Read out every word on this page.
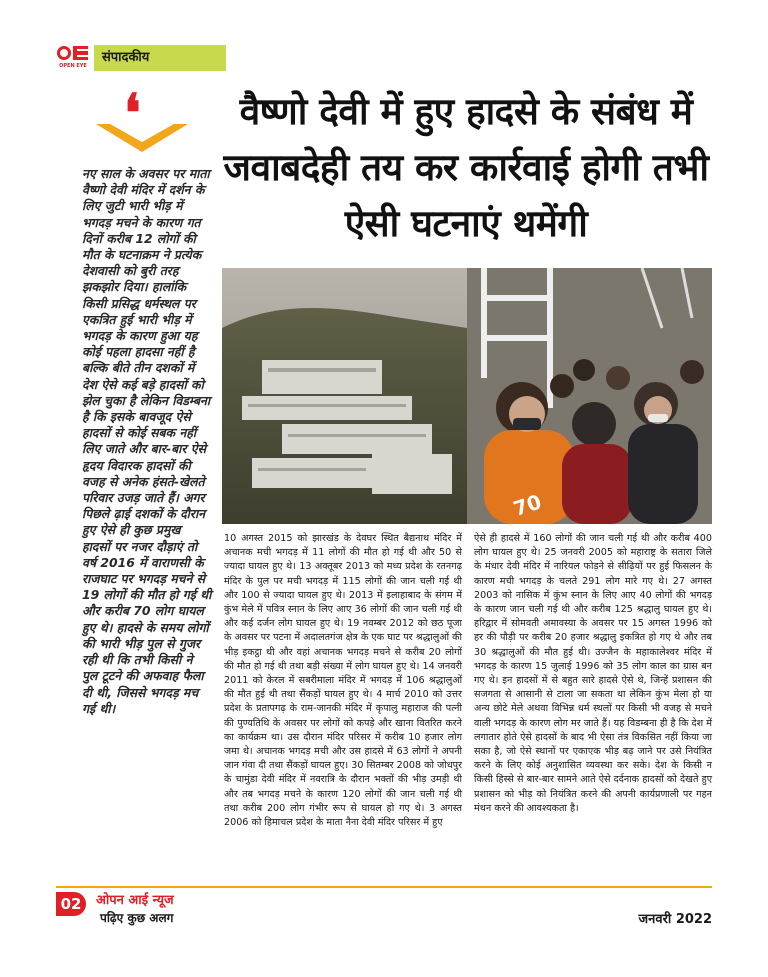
OPEN EYE
संपादकीय
❛
नए साल के अवसर पर माता वैष्णो देवी मंदिर में दर्शन के लिए जुटी भारी भीड़ में भगदड़ मचने के कारण गत दिनों करीब 12 लोगों की मौत के घटनाक्रम ने प्रत्येक देशवासी को बुरी तरह झकझोर दिया। हालांकि किसी प्रसिद्ध धर्मस्थल पर एकत्रित हुई भारी भीड़ में भगदड़ के कारण हुआ यह कोई पहला हादसा नहीं है बल्कि बीते तीन दशकों में देश ऐसे कई बड़े हादसों को झेल चुका है लेकिन विडम्बना है कि इसके बावजूद ऐसे हादसों से कोई सबक नहीं लिए जाते और बार-बार ऐसे हृदय विदारक हादसों की वजह से अनेक हंसते-खेलते परिवार उजड़ जाते हैं। अगर पिछले ढ़ाई दशकों के दौरान हुए ऐसे ही कुछ प्रमुख हादसों पर नजर दौड़ाएं तो वर्ष 2016 में वाराणसी के राजघाट पर भगदड़ मचने से 19 लोगों की मौत हो गई थी और करीब 70 लोग घायल हुए थे। हादसे के समय लोगों की भारी भीड़ पुल से गुजर रही थी कि तभी किसी ने पुल टूटने की अफवाह फैला दी थी, जिससे भगदड़ मच गई थी।
वैष्णो देवी में हुए हादसे के संबंध में जवाबदेही तय कर कार्रवाई होगी तभी ऐसी घटनाएं थमेंगी
70
10 अगस्त 2015 को झारखंड के देवघर स्थित बैद्यनाथ मंदिर में अचानक मची भगदड़ में 11 लोगों की मौत हो गई थी और 50 से ज्यादा घायल हुए थे। 13 अक्तूबर 2013 को मध्य प्रदेश के रतनगढ़ मंदिर के पुल पर मची भगदड़ में 115 लोगों की जान चली गई थी और 100 से ज्यादा घायल हुए थे। 2013 में इलाहाबाद के संगम में कुंभ मेले में पवित्र स्नान के लिए आए 36 लोगों की जान चली गई थी और कई दर्जन लोग घायल हुए थे। 19 नवम्बर 2012 को छठ पूजा के अवसर पर पटना में अदालतगंज क्षेत्र के एक घाट पर श्रद्धालुओं की भीड़ इकट्ठा थी और वहां अचानक भगदड़ मचने से करीब 20 लोगों की मौत हो गई थी तथा बड़ी संख्या में लोग घायल हुए थे। 14 जनवरी 2011 को केरल में सबरीमाला मंदिर में भगदड़ में 106 श्रद्धालुओं की मौत हुई थी तथा सैंकड़ों घायल हुए थे। 4 मार्च 2010 को उत्तर प्रदेश के प्रतापगढ़ के राम-जानकी मंदिर में कृपालु महाराज की पत्नी की पुण्यतिथि के अवसर पर लोगों को कपड़े और खाना वितरित करने का कार्यक्रम था। उस दौरान मंदिर परिसर में करीब 10 हजार लोग जमा थे। अचानक भगदड़ मची और उस हादसे में 63 लोगों ने अपनी जान गंवा दी तथा सैंकड़ों घायल हुए। 30 सितम्बर 2008 को जोधपुर के चामुंडा देवी मंदिर में नवरात्रि के दौरान भक्तों की भीड़ उमड़ी थी और तब भगदड़ मचने के कारण 120 लोगों की जान चली गई थी तथा करीब 200 लोग गंभीर रूप से घायल हो गए थे। 3 अगस्त 2006 को हिमाचल प्रदेश के माता नैना देवी मंदिर परिसर में हुए
ऐसे ही हादसे में 160 लोगों की जान चली गई थी और करीब 400 लोग घायल हुए थे। 25 जनवरी 2005 को महाराष्ट्र के सतारा जिले के मंधार देवी मंदिर में नारियल फोड़ने से सीढ़ियों पर हुई फिसलन के कारण मची भगदड़ के चलते 291 लोग मारे गए थे। 27 अगस्त 2003 को नासिक में कुंभ स्नान के लिए आए 40 लोगों की भगदड़ के कारण जान चली गई थी और करीब 125 श्रद्धालु घायल हुए थे। हरिद्वार में सोमवती अमावस्या के अवसर पर 15 अगस्त 1996 को हर की पौड़ी पर करीब 20 हजार श्रद्धालु इकत्रित हो गए थे और तब 30 श्रद्धालुओं की मौत हुई थी। उज्जैन के महाकालेश्वर मंदिर में भगदड़ के कारण 15 जुलाई 1996 को 35 लोग काल का ग्रास बन गए थे। इन हादसों में से बहुत सारे हादसे ऐसे थे, जिन्हें प्रशासन की सजगता से आसानी से टाला जा सकता था लेकिन कुंभ मेला हो या अन्य छोटे मेले अथवा विभिन्न धर्म स्थलों पर किसी भी वजह से मचने वाली भगदड़ के कारण लोग मर जाते हैं। यह विडम्बना ही है कि देश में लगातार होते ऐसे हादसों के बाद भी ऐसा तंत्र विकसित नहीं किया जा सका है, जो ऐसे स्थानों पर एकाएक भीड़ बढ़ जाने पर उसे नियंत्रित करने के लिए कोई अनुशासित व्यवस्था कर सके। देश के किसी न किसी हिस्से से बार-बार सामने आते ऐसे दर्दनाक हादसों को देखते हुए प्रशासन को भीड़ को नियंत्रित करने की अपनी कार्यप्रणाली पर गहन मंथन करने की आवश्यकता है।
02	ओपन आई न्यूज
पढ़िए कुछ अलग	जनवरी 2022
